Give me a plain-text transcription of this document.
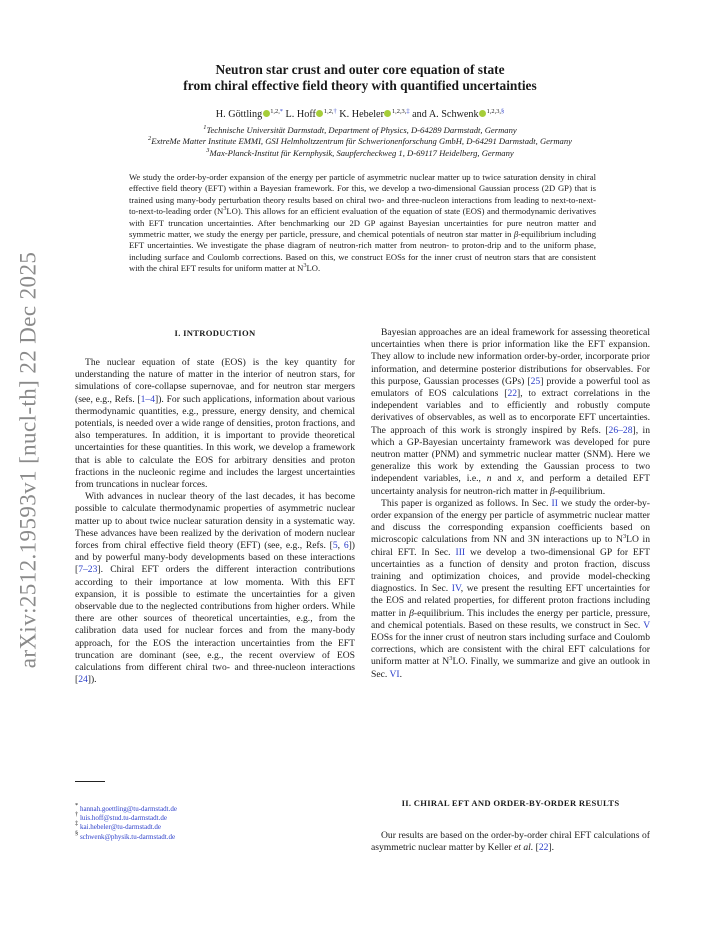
arXiv:2512.19593v1 [nucl-th] 22 Dec 2025
Neutron star crust and outer core equation of state
from chiral effective field theory with quantified uncertainties
H. Göttling $^{1,2,*}$ L. Hoff $^{1,2,\dagger}$ K. Hebeler $^{1,2,3,\ddagger}$ and A. Schwenk $^{1,2,3,\S}$
$^1$Technische Universität Darmstadt, Department of Physics, D-64289 Darmstadt, Germany
$^2$ExtreMe Matter Institute EMMI, GSI Helmholtzzentrum für Schwerionenforschung GmbH, D-64291 Darmstadt, Germany
$^3$Max-Planck-Institut für Kernphysik, Saupfercheckweg 1, D-69117 Heidelberg, Germany
We study the order-by-order expansion of the energy per particle of asymmetric nuclear matter up to twice saturation density in chiral effective field theory (EFT) within a Bayesian framework. For this, we develop a two-dimensional Gaussian process (2D GP) that is trained using many-body perturbation theory results based on chiral two- and three-nucleon interactions from leading to next-to-next-to-next-to-leading order $(N^3LO)$. This allows for an efficient evaluation of the equation of state (EOS) and thermodynamic derivatives with EFT truncation uncertainties. After benchmarking our 2D GP against Bayesian uncertainties for pure neutron matter and symmetric matter, we study the energy per particle, pressure, and chemical potentials of neutron star matter in β-equilibrium including EFT uncertainties. We investigate the phase diagram of neutron-rich matter from neutron- to proton-drip and to the uniform phase, including surface and Coulomb corrections. Based on this, we construct EOSs for the inner crust of neutron stars that are consistent with the chiral EFT results for uniform matter at $N^3LO$.
I. INTRODUCTION

The nuclear equation of state (EOS) is the key quantity for understanding the nature of matter in the interior of neutron stars, for simulations of core-collapse supernovae, and for neutron star mergers (see, e.g., Refs. [1–4]). For such applications, information about various thermodynamic quantities, e.g., pressure, energy density, and chemical potentials, is needed over a wide range of densities, proton fractions, and also temperatures. In addition, it is important to provide theoretical uncertainties for these quantities. In this work, we develop a framework that is able to calculate the EOS for arbitrary densities and proton fractions in the nucleonic regime and includes the largest uncertainties from truncations in nuclear forces.

With advances in nuclear theory of the last decades, it has become possible to calculate thermodynamic properties of asymmetric nuclear matter up to about twice nuclear saturation density in a systematic way. These advances have been realized by the derivation of modern nuclear forces from chiral effective field theory (EFT) (see, e.g., Refs. [5, 6]) and by powerful many-body developments based on these interactions [7–23]. Chiral EFT orders the different interaction contributions according to their importance at low momenta. With this EFT expansion, it is possible to estimate the uncertainties for a given observable due to the neglected contributions from higher orders. While there are other sources of theoretical uncertainties, e.g., from the calibration data used for nuclear forces and from the many-body approach, for the EOS the interaction uncertainties from the EFT truncation are dominant (see, e.g., the recent overview of EOS calculations from different chiral two- and three-nucleon interactions [24]).

Bayesian approaches are an ideal framework for assessing theoretical uncertainties when there is prior information like the EFT expansion. They allow to include new information order-by-order, incorporate prior information, and determine posterior distributions for observables. For this purpose, Gaussian processes (GPs) [25] provide a powerful tool as emulators of EOS calculations [22], to extract correlations in the independent variables and to efficiently and robustly compute derivatives of observables, as well as to encorporate EFT uncertainties. The approach of this work is strongly inspired by Refs. [26–28], in which a GP-Bayesian uncertainty framework was developed for pure neutron matter (PNM) and symmetric nuclear matter (SNM). Here we generalize this work by extending the Gaussian process to two independent variables, i.e., n and x, and perform a detailed EFT uncertainty analysis for neutron-rich matter in β-equilibrium.

This paper is organized as follows. In Sec. II we study the order-by-order expansion of the energy per particle of asymmetric nuclear matter and discuss the corresponding expansion coefficients based on microscopic calculations from NN and 3N interactions up to $N^3LO$ in chiral EFT. In Sec. III we develop a two-dimensional GP for EFT uncertainties as a function of density and proton fraction, discuss training and optimization choices, and provide model-checking diagnostics. In Sec. IV, we present the resulting EFT uncertainties for the EOS and related properties, for different proton fractions including matter in β-equilibrium. This includes the energy per particle, pressure, and chemical potentials. Based on these results, we construct in Sec. V EOSs for the inner crust of neutron stars including surface and Coulomb corrections, which are consistent with the chiral EFT calculations for uniform matter at $N^3LO$. Finally, we summarize and give an outlook in Sec. VI.

II. CHIRAL EFT AND ORDER-BY-ORDER RESULTS

Our results are based on the order-by-order chiral EFT calculations of asymmetric nuclear matter by Keller et al. [22].

* hannah.goettling@tu-darmstadt.de
† luis.hoff@stud.tu-darmstadt.de
‡ kai.hebeler@tu-darmstadt.de
§ schwenk@physik.tu-darmstadt.de
